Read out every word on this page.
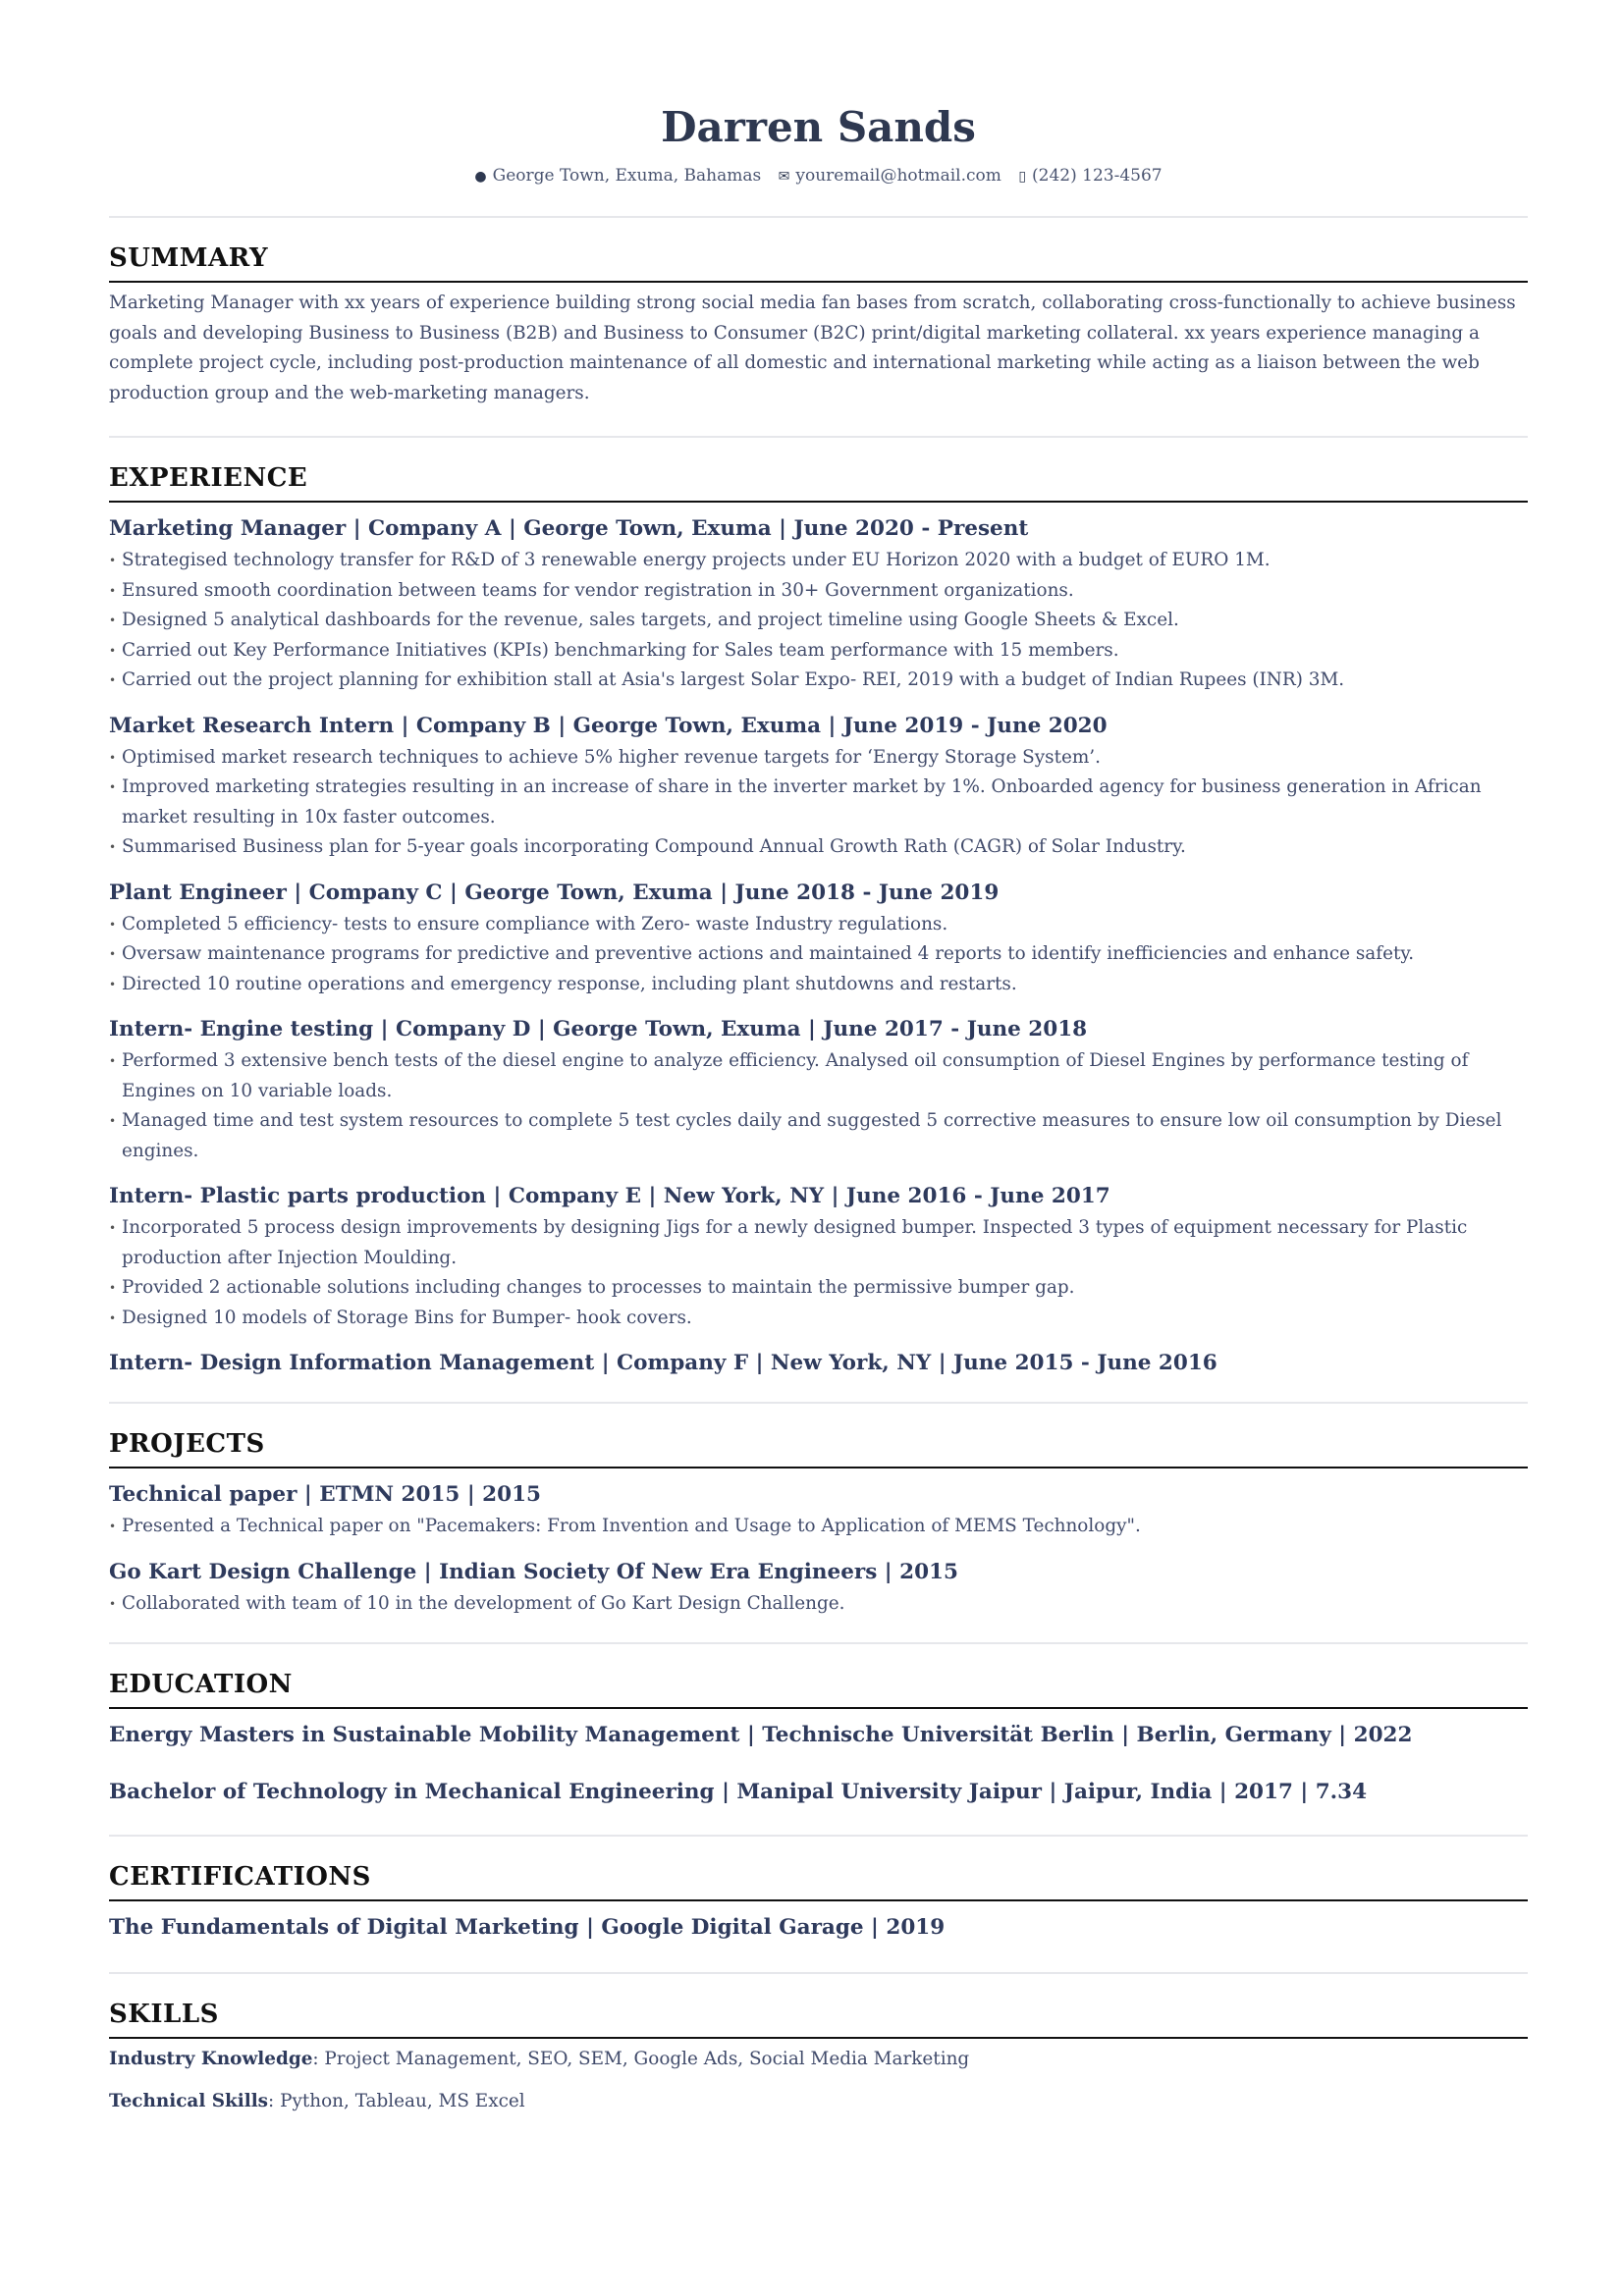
Darren Sands
● George Town, Exuma, Bahamas ✉ youremail@hotmail.com ▯ (242) 123-4567
SUMMARY
Marketing Manager with xx years of experience building strong social media fan bases from scratch, collaborating cross-functionally to achieve business goals and developing Business to Business (B2B) and Business to Consumer (B2C) print/digital marketing collateral. xx years experience managing a complete project cycle, including post-production maintenance of all domestic and international marketing while acting as a liaison between the web production group and the web-marketing managers.
EXPERIENCE
Marketing Manager | Company A | George Town, Exuma | June 2020 - Present
• Strategised technology transfer for R&D of 3 renewable energy projects under EU Horizon 2020 with a budget of EURO 1M.
• Ensured smooth coordination between teams for vendor registration in 30+ Government organizations.
• Designed 5 analytical dashboards for the revenue, sales targets, and project timeline using Google Sheets & Excel.
• Carried out Key Performance Initiatives (KPIs) benchmarking for Sales team performance with 15 members.
• Carried out the project planning for exhibition stall at Asia's largest Solar Expo- REI, 2019 with a budget of Indian Rupees (INR) 3M.
Market Research Intern | Company B | George Town, Exuma | June 2019 - June 2020
• Optimised market research techniques to achieve 5% higher revenue targets for ‘Energy Storage System’.
• Improved marketing strategies resulting in an increase of share in the inverter market by 1%. Onboarded agency for business generation in African market resulting in 10x faster outcomes.
• Summarised Business plan for 5-year goals incorporating Compound Annual Growth Rath (CAGR) of Solar Industry.
Plant Engineer | Company C | George Town, Exuma | June 2018 - June 2019
• Completed 5 efficiency- tests to ensure compliance with Zero- waste Industry regulations.
• Oversaw maintenance programs for predictive and preventive actions and maintained 4 reports to identify inefficiencies and enhance safety.
• Directed 10 routine operations and emergency response, including plant shutdowns and restarts.
Intern- Engine testing | Company D | George Town, Exuma | June 2017 - June 2018
• Performed 3 extensive bench tests of the diesel engine to analyze efficiency. Analysed oil consumption of Diesel Engines by performance testing of Engines on 10 variable loads.
• Managed time and test system resources to complete 5 test cycles daily and suggested 5 corrective measures to ensure low oil consumption by Diesel engines.
Intern- Plastic parts production | Company E | New York, NY | June 2016 - June 2017
• Incorporated 5 process design improvements by designing Jigs for a newly designed bumper. Inspected 3 types of equipment necessary for Plastic production after Injection Moulding.
• Provided 2 actionable solutions including changes to processes to maintain the permissive bumper gap.
• Designed 10 models of Storage Bins for Bumper- hook covers.
Intern- Design Information Management | Company F | New York, NY | June 2015 - June 2016
PROJECTS
Technical paper | ETMN 2015 | 2015
• Presented a Technical paper on "Pacemakers: From Invention and Usage to Application of MEMS Technology".
Go Kart Design Challenge | Indian Society Of New Era Engineers | 2015
• Collaborated with team of 10 in the development of Go Kart Design Challenge.
EDUCATION
Energy Masters in Sustainable Mobility Management | Technische Universität Berlin | Berlin, Germany | 2022
Bachelor of Technology in Mechanical Engineering | Manipal University Jaipur | Jaipur, India | 2017 | 7.34
CERTIFICATIONS
The Fundamentals of Digital Marketing | Google Digital Garage | 2019
SKILLS
Industry Knowledge: Project Management, SEO, SEM, Google Ads, Social Media Marketing
Technical Skills: Python, Tableau, MS Excel
